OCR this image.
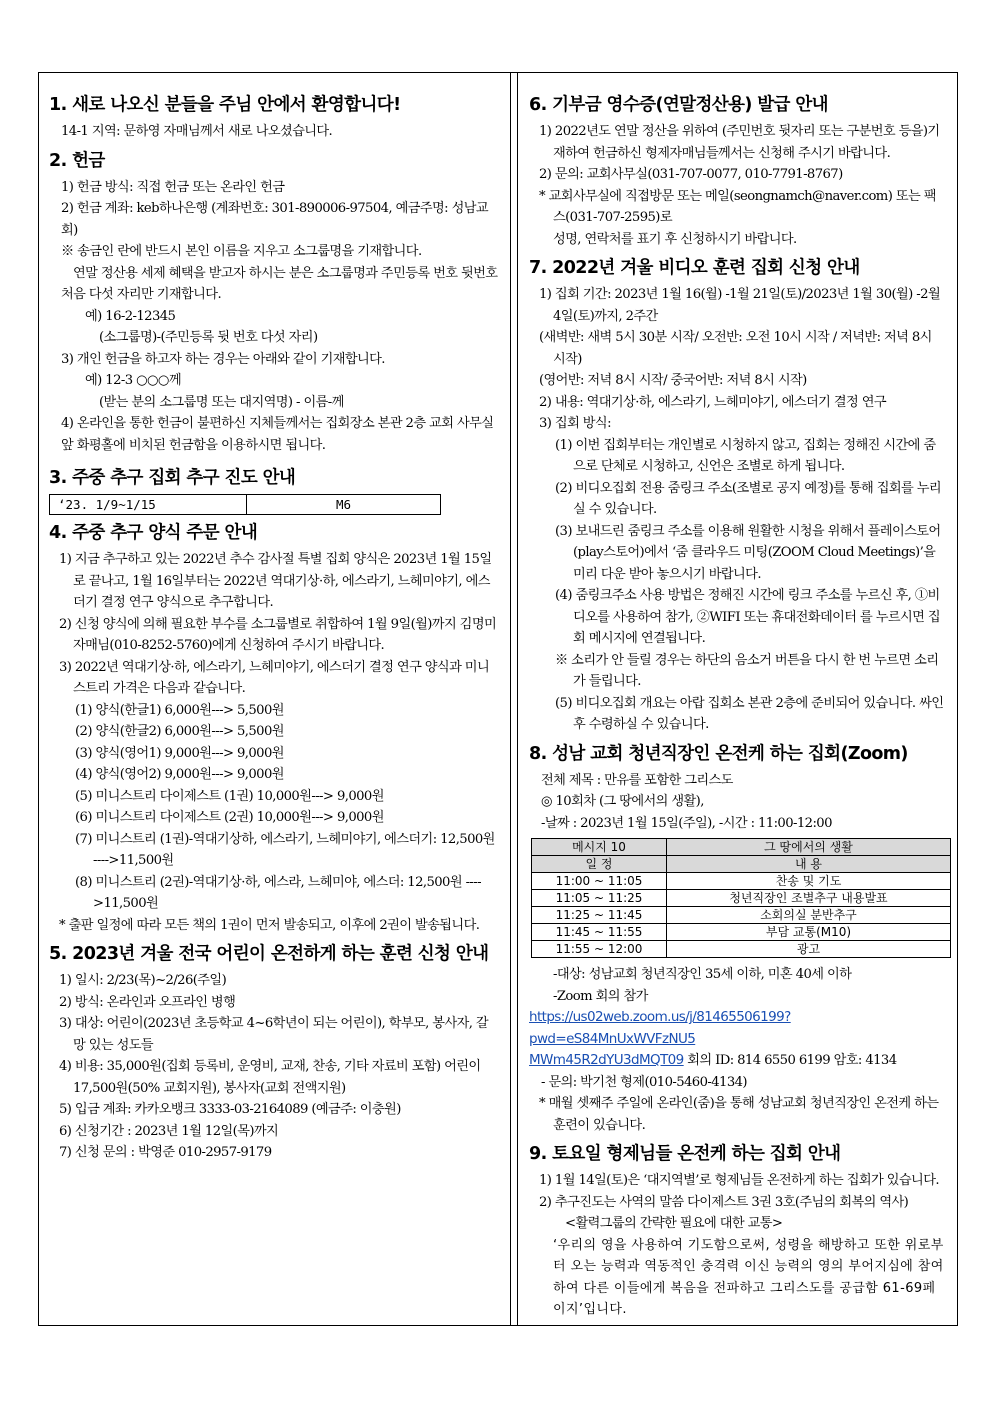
1. 새로 나오신 분들을 주님 안에서 환영합니다!

14-1 지역: 문하영 자매님께서 새로 나오셨습니다.

2. 헌금

1) 헌금 방식: 직접 헌금 또는 온라인 헌금

2) 헌금 계좌: keb하나은행 (계좌번호: 301-890006-97504, 예금주명: 성남교회)

※ 송금인 란에 반드시 본인 이름을 지우고 소그룹명을 기재합니다.

연말 정산용 세제 혜택을 받고자 하시는 분은 소그룹명과 주민등록 번호 뒷번호 처음 다섯 자리만 기재합니다.

예) 16-2-12345

(소그룹명)-(주민등록 뒷 번호 다섯 자리)

3) 개인 헌금을 하고자 하는 경우는 아래와 같이 기재합니다.

예) 12-3 ○○○께

(받는 분의 소그룹명 또는 대지역명) - 이름-께

4) 온라인을 통한 헌금이 불편하신 지체들께서는 집회장소 본관 2층 교회 사무실 앞 화평홀에 비치된 헌금함을 이용하시면 됩니다.

3. 주중 추구 집회 추구 진도 안내
‘23. 1/9~1/15	M6
4. 주중 추구 양식 주문 안내

1) 지금 추구하고 있는 2022년 추수 감사절 특별 집회 양식은 2023년 1월 15일로 끝나고, 1월 16일부터는 2022년 역대기상·하, 에스라기, 느헤미야기, 에스더기 결정 연구 양식으로 추구합니다.

2) 신청 양식에 의해 필요한 부수를 소그룹별로 취합하여 1월 9일(월)까지 김명미 자매님(010-8252-5760)에게 신청하여 주시기 바랍니다.

3) 2022년 역대기상·하, 에스라기, 느헤미야기, 에스더기 결정 연구 양식과 미니스트리 가격은 다음과 같습니다.

(1) 양식(한글1) 6,000원---> 5,500원

(2) 양식(한글2) 6,000원---> 5,500원

(3) 양식(영어1) 9,000원---> 9,000원

(4) 양식(영어2) 9,000원---> 9,000원

(5) 미니스트리 다이제스트 (1권) 10,000원---> 9,000원

(6) 미니스트리 다이제스트 (2권) 10,000원---> 9,000원

(7) 미니스트리 (1권)-역대기상하, 에스라기, 느헤미야기, 에스더기: 12,500원 ---->11,500원

(8) 미니스트리 (2권)-역대기상·하, 에스라, 느헤미야, 에스더: 12,500원 ---->11,500원

* 출판 일정에 따라 모든 책의 1권이 먼저 발송되고, 이후에 2권이 발송됩니다.

5. 2023년 겨울 전국 어린이 온전하게 하는 훈련 신청 안내

1) 일시: 2/23(목)~2/26(주일)

2) 방식: 온라인과 오프라인 병행

3) 대상: 어린이(2023년 초등학교 4~6학년이 되는 어린이), 학부모, 봉사자, 갈망 있는 성도들

4) 비용: 35,000원(집회 등록비, 운영비, 교재, 찬송, 기타 자료비 포함) 어린이 17,500원(50% 교회지원), 봉사자(교회 전액지원)

5) 입금 계좌: 카카오뱅크 3333-03-2164089 (예금주: 이충원)

6) 신청기간 : 2023년 1월 12일(목)까지

7) 신청 문의 : 박영준 010-2957-9179

6. 기부금 영수증(연말정산용) 발급 안내

1) 2022년도 연말 정산을 위하여 (주민번호 뒷자리 또는 구분번호 등을)기재하여 헌금하신 형제자매님들께서는 신청해 주시기 바랍니다.

2) 문의: 교회사무실(031-707-0077, 010-7791-8767)

* 교회사무실에 직접방문 또는 메일(seongnamch@naver.com) 또는 팩스(031-707-2595)로

성명, 연락처를 표기 후 신청하시기 바랍니다.

7. 2022년 겨울 비디오 훈련 집회 신청 안내

1) 집회 기간: 2023년 1월 16(월) -1월 21일(토)/2023년 1월 30(월) -2월 4일(토)까지, 2주간

(새벽반: 새벽 5시 30분 시작/ 오전반: 오전 10시 시작 / 저녁반: 저녁 8시 시작)

(영어반: 저녁 8시 시작/ 중국어반: 저녁 8시 시작)

2) 내용: 역대기상·하, 에스라기, 느헤미야기, 에스더기 결정 연구

3) 집회 방식:

(1) 이번 집회부터는 개인별로 시청하지 않고, 집회는 정해진 시간에 줌으로 단체로 시청하고, 신언은 조별로 하게 됩니다.

(2) 비디오집회 전용 줌링크 주소(조별로 공지 예정)를 통해 집회를 누리실 수 있습니다.

(3) 보내드린 줌링크 주소를 이용해 원활한 시청을 위해서 플레이스토어(play스토어)에서 ‘줌 클라우드 미팅(ZOOM Cloud Meetings)’을 미리 다운 받아 놓으시기 바랍니다.

(4) 줌링크주소 사용 방법은 정해진 시간에 링크 주소를 누르신 후, ①비디오를 사용하여 참가, ②WIFI 또는 휴대전화데이터 를 누르시면 집회 메시지에 연결됩니다.

※ 소리가 안 들릴 경우는 하단의 음소거 버튼을 다시 한 번 누르면 소리가 들립니다.

(5) 비디오집회 개요는 아랍 집회소 본관 2층에 준비되어 있습니다. 싸인 후 수령하실 수 있습니다.

8. 성남 교회 청년직장인 온전케 하는 집회(Zoom)

전체 제목 : 만유를 포함한 그리스도

◎ 10회차 (그 땅에서의 생활),

-날짜 : 2023년 1월 15일(주일), -시간 : 11:00-12:00

메시지 10	그 땅에서의 생활
일 정	내 용
11:00 ~ 11:05	찬송 및 기도
11:05 ~ 11:25	청년직장인 조별추구 내용발표
11:25 ~ 11:45	소회의실 분반추구
11:45 ~ 11:55	부담 교통(M10)
11:55 ~ 12:00	광고

-대상: 성남교회 청년직장인 35세 이하, 미혼 40세 이하

-Zoom 회의 참가

https://us02web.zoom.us/j/81465506199?pwd=eS84MnUxWVFzNU5

MWm45R2dYU3dMQT09 회의 ID: 814 6550 6199 암호: 4134

- 문의: 박기천 형제(010-5460-4134)

* 매월 셋째주 주일에 온라인(줌)을 통해 성남교회 청년직장인 온전케 하는 훈련이 있습니다.

9. 토요일 형제님들 온전케 하는 집회 안내

1) 1월 14일(토)은 ‘대지역별’로 형제님들 온전하게 하는 집회가 있습니다.

2) 추구진도는 사역의 말씀 다이제스트 3권 3호(주님의 회복의 역사)

<활력그룹의 간략한 필요에 대한 교통>

‘우리의 영을 사용하여 기도함으로써, 성령을 해방하고 또한 위로부터 오는 능력과 역동적인 충격력 이신 능력의 영의 부어지심에 참여하여 다른 이들에게 복음을 전파하고 그리스도를 공급함 61-69페이지’입니다.
